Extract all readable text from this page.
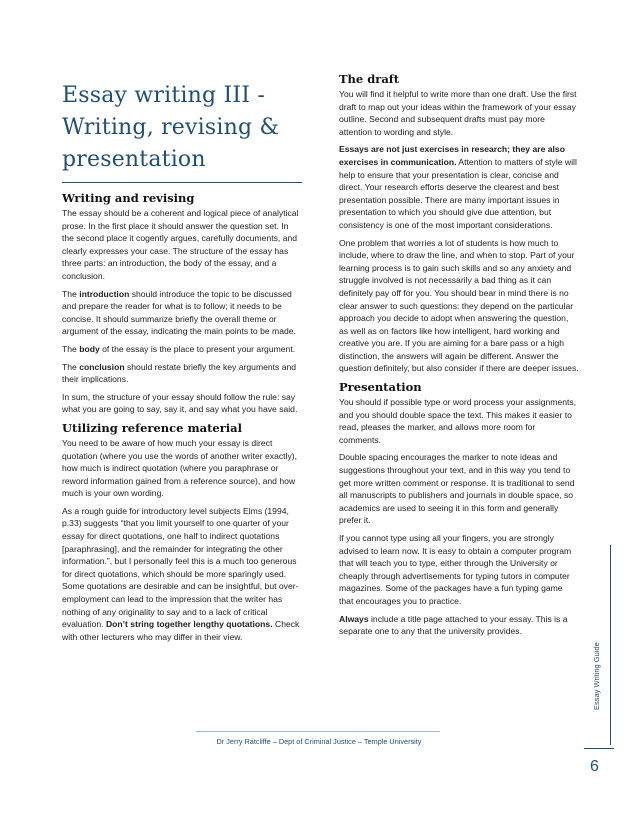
Essay writing III -
Writing, revising &
presentation
Writing and revising

The essay should be a coherent and logical piece of analytical prose. In the first place it should answer the question set. In the second place it cogently argues, carefully documents, and clearly expresses your case. The structure of the essay has three parts: an introduction, the body of the essay, and a conclusion.

The introduction should introduce the topic to be discussed and prepare the reader for what is to follow; it needs to be concise. It should summarize briefly the overall theme or argument of the essay, indicating the main points to be made.

The body of the essay is the place to present your argument.

The conclusion should restate briefly the key arguments and their implications.

In sum, the structure of your essay should follow the rule: say what you are going to say, say it, and say what you have said.

Utilizing reference material

You need to be aware of how much your essay is direct quotation (where you use the words of another writer exactly), how much is indirect quotation (where you paraphrase or reword information gained from a reference source), and how much is your own wording.

As a rough guide for introductory level subjects Elms (1994, p.33) suggests “that you limit yourself to one quarter of your essay for direct quotations, one half to indirect quotations [paraphrasing], and the remainder for integrating the other information.”, but I personally feel this is a much too generous for direct quotations, which should be more sparingly used. Some quotations are desirable and can be insightful, but over-employment can lead to the impression that the writer has nothing of any originality to say and to a lack of critical evaluation. Don’t string together lengthy quotations. Check with other lecturers who may differ in their view.

The draft

You will find it helpful to write more than one draft. Use the first draft to map out your ideas within the framework of your essay outline. Second and subsequent drafts must pay more attention to wording and style.

Essays are not just exercises in research; they are also exercises in communication. Attention to matters of style will help to ensure that your presentation is clear, concise and direct. Your research efforts deserve the clearest and best presentation possible. There are many important issues in presentation to which you should give due attention, but consistency is one of the most important considerations.

One problem that worries a lot of students is how much to include, where to draw the line, and when to stop. Part of your learning process is to gain such skills and so any anxiety and struggle involved is not necessarily a bad thing as it can definitely pay off for you. You should bear in mind there is no clear answer to such questions: they depend on the particular approach you decide to adopt when answering the question, as well as on factors like how intelligent, hard working and creative you are. If you are aiming for a bare pass or a high distinction, the answers will again be different. Answer the question definitely, but also consider if there are deeper issues.

Presentation

You should if possible type or word process your assignments, and you should double space the text. This makes it easier to read, pleases the marker, and allows more room for comments.

Double spacing encourages the marker to note ideas and suggestions throughout your text, and in this way you tend to get more written comment or response. It is traditional to send all manuscripts to publishers and journals in double space, so academics are used to seeing it in this form and generally prefer it.

If you cannot type using all your fingers, you are strongly advised to learn now. It is easy to obtain a computer program that will teach you to type, either through the University or cheaply through advertisements for typing tutors in computer magazines. Some of the packages have a fun typing game that encourages you to practice.

Always include a title page attached to your essay. This is a separate one to any that the university provides.

Dr Jerry Ratcliffe – Dept of Criminal Justice – Temple University
Essay Writing Guide
6
